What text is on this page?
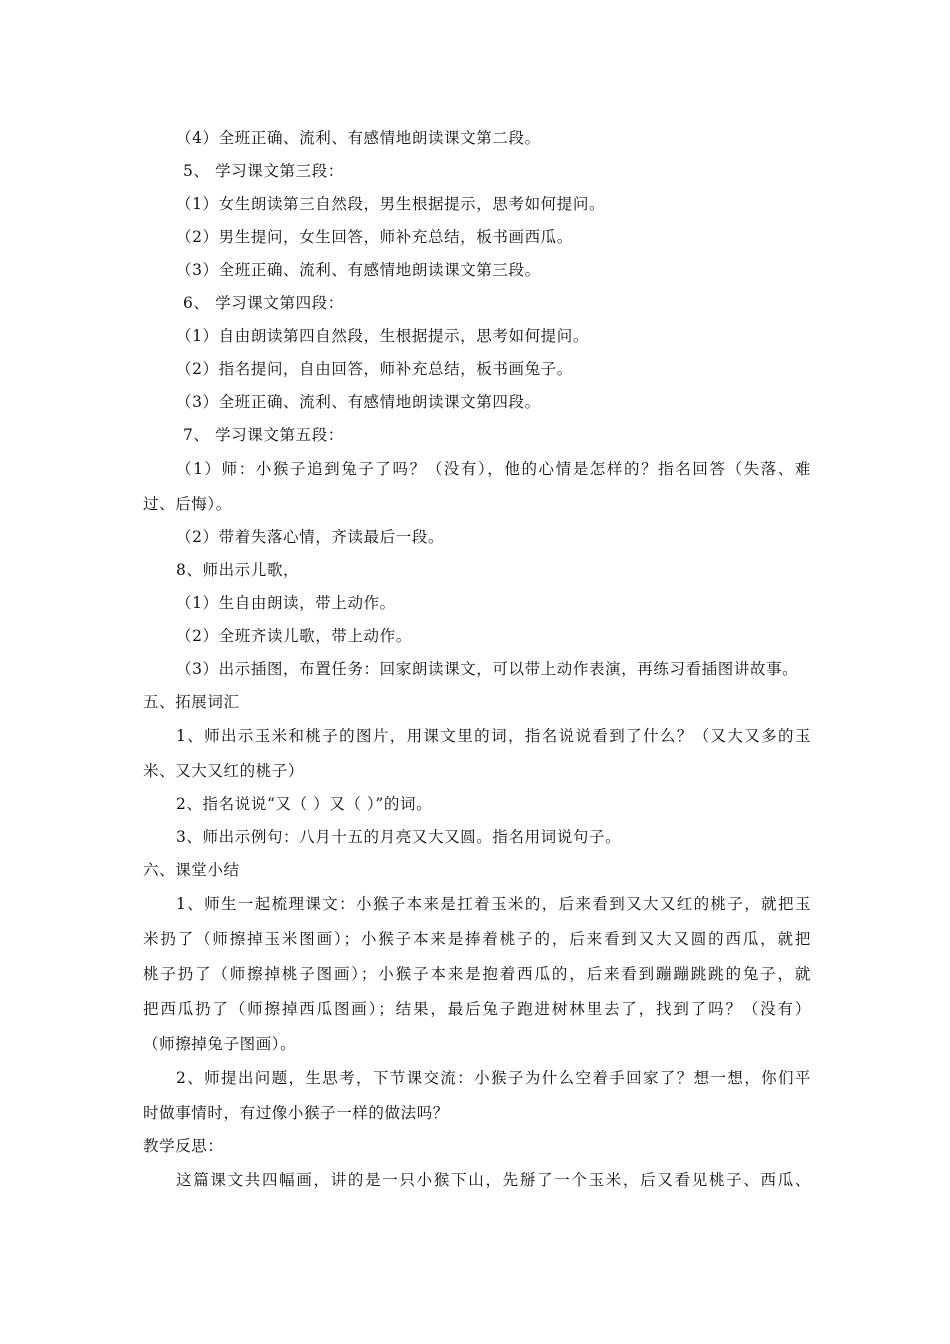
（4）全班正确、流利、有感情地朗读课文第二段。
5、 学习课文第三段：
（1）女生朗读第三自然段，男生根据提示，思考如何提问。
（2）男生提问，女生回答，师补充总结，板书画西瓜。
（3）全班正确、流利、有感情地朗读课文第三段。
6、 学习课文第四段：
（1）自由朗读第四自然段，生根据提示，思考如何提问。
（2）指名提问，自由回答，师补充总结，板书画兔子。
（3）全班正确、流利、有感情地朗读课文第四段。
7、 学习课文第五段：
（1）师：小猴子追到兔子了吗？（没有），他的心情是怎样的？指名回答（失落、难
过、后悔）。
（2）带着失落心情，齐读最后一段。
8、师出示儿歌，
（1）生自由朗读，带上动作。
（2）全班齐读儿歌，带上动作。
（3）出示插图，布置任务：回家朗读课文，可以带上动作表演，再练习看插图讲故事。
五、拓展词汇
1、师出示玉米和桃子的图片，用课文里的词，指名说说看到了什么？（又大又多的玉
米、又大又红的桃子）
2、指名说说“又（ ）又（ ）”的词。
3、师出示例句：八月十五的月亮又大又圆。指名用词说句子。
六、课堂小结
1、师生一起梳理课文：小猴子本来是扛着玉米的，后来看到又大又红的桃子，就把玉
米扔了（师擦掉玉米图画）；小猴子本来是捧着桃子的，后来看到又大又圆的西瓜，就把
桃子扔了（师擦掉桃子图画）；小猴子本来是抱着西瓜的，后来看到蹦蹦跳跳的兔子，就
把西瓜扔了（师擦掉西瓜图画）；结果，最后兔子跑进树林里去了，找到了吗？（没有）
（师擦掉兔子图画）。
2、师提出问题，生思考，下节课交流：小猴子为什么空着手回家了？想一想，你们平
时做事情时，有过像小猴子一样的做法吗？
教学反思：
这篇课文共四幅画，讲的是一只小猴下山，先掰了一个玉米，后又看见桃子、西瓜、
